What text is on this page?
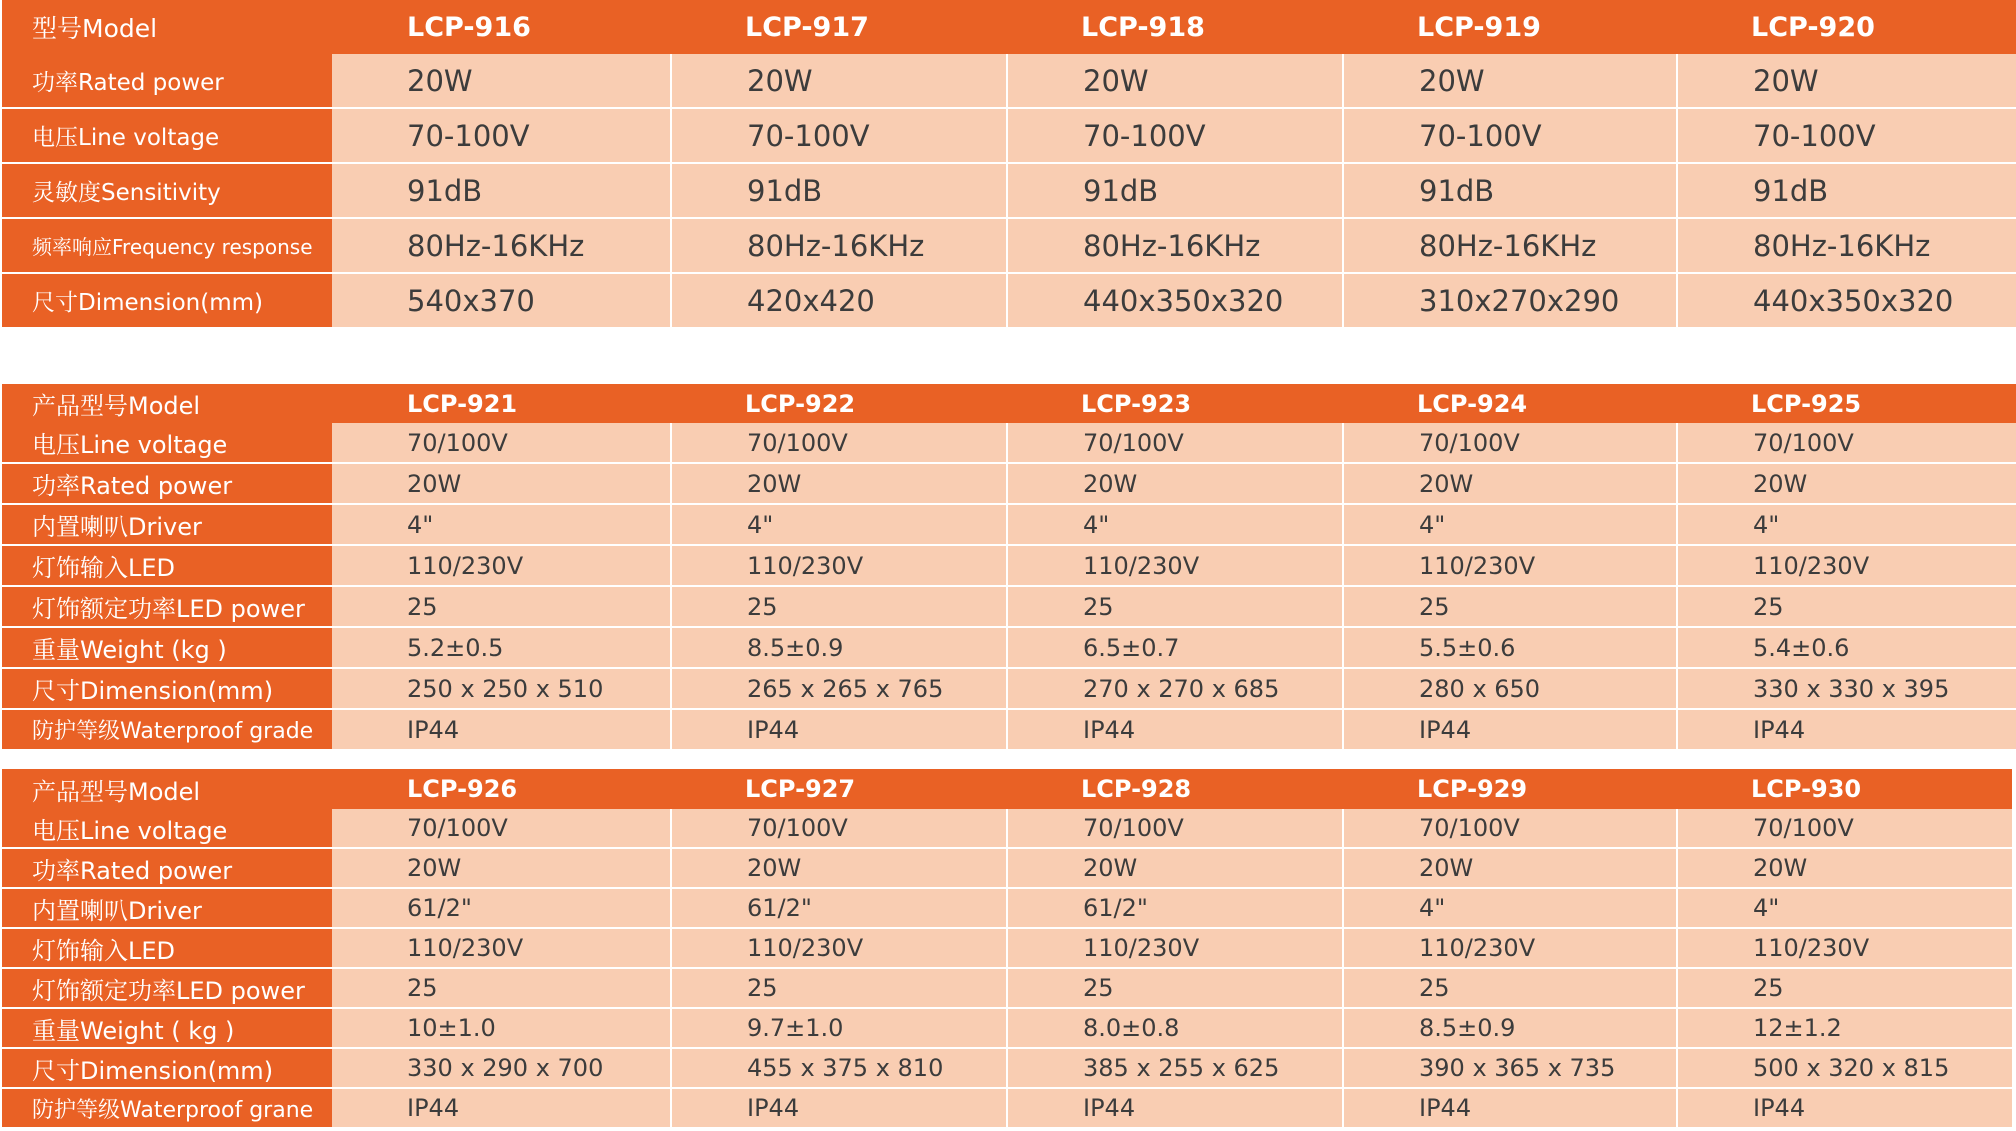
型号Model	LCP-916	LCP-917	LCP-918	LCP-919	LCP-920
功率Rated power	20W	20W	20W	20W	20W
电压Line voltage	70-100V	70-100V	70-100V	70-100V	70-100V
灵敏度Sensitivity	91dB	91dB	91dB	91dB	91dB
频率响应Frequency response	80Hz-16KHz	80Hz-16KHz	80Hz-16KHz	80Hz-16KHz	80Hz-16KHz
尺寸Dimension(mm)	540x370	420x420	440x350x320	310x270x290	440x350x320
产品型号Model	LCP-921	LCP-922	LCP-923	LCP-924	LCP-925
电压Line voltage	70/100V	70/100V	70/100V	70/100V	70/100V
功率Rated power	20W	20W	20W	20W	20W
内置喇叭Driver	4"	4"	4"	4"	4"
灯饰输入LED	110/230V	110/230V	110/230V	110/230V	110/230V
灯饰额定功率LED power	25	25	25	25	25
重量Weight (kg )	5.2±0.5	8.5±0.9	6.5±0.7	5.5±0.6	5.4±0.6
尺寸Dimension(mm)	250 x 250 x 510	265 x 265 x 765	270 x 270 x 685	280 x 650	330 x 330 x 395
防护等级Waterproof grade	IP44	IP44	IP44	IP44	IP44
产品型号Model	LCP-926	LCP-927	LCP-928	LCP-929	LCP-930
电压Line voltage	70/100V	70/100V	70/100V	70/100V	70/100V
功率Rated power	20W	20W	20W	20W	20W
内置喇叭Driver	61/2"	61/2"	61/2"	4"	4"
灯饰输入LED	110/230V	110/230V	110/230V	110/230V	110/230V
灯饰额定功率LED power	25	25	25	25	25
重量Weight ( kg )	10±1.0	9.7±1.0	8.0±0.8	8.5±0.9	12±1.2
尺寸Dimension(mm)	330 x 290 x 700	455 x 375 x 810	385 x 255 x 625	390 x 365 x 735	500 x 320 x 815
防护等级Waterproof grane	IP44	IP44	IP44	IP44	IP44
